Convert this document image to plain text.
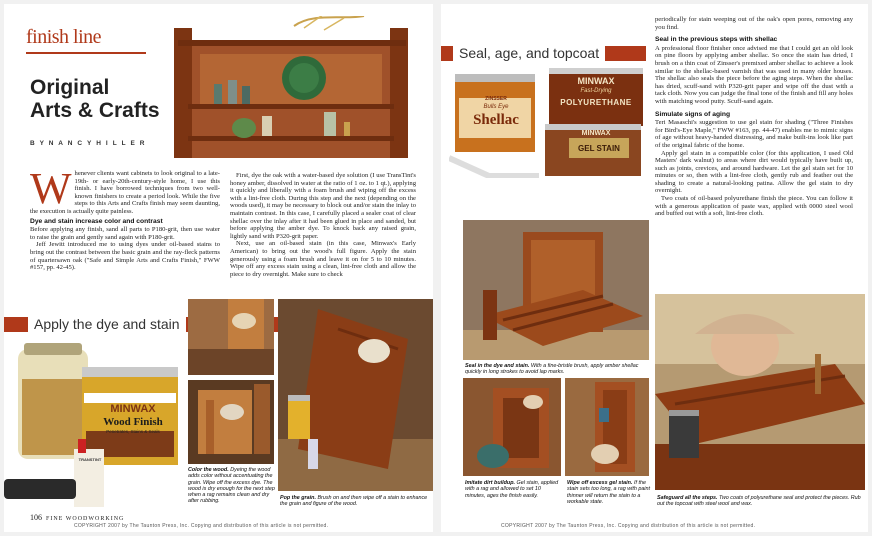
finish line
Original
Arts & Crafts
B Y N A N C Y H I L L E R
W henever clients want cabinets to look original to a late-19th- or early-20th-century-style home, I use this finish. I have borrowed techniques from two well-known finishers to create a period look. While the five steps to this Arts and Crafts finish may seem daunting, the execution is actually quite painless.

Dye and stain increase color and contrast

Before applying any finish, sand all parts to P180-grit, then use water to raise the grain and gently sand again with P180-grit.

Jeff Jewitt introduced me to using dyes under oil-based stains to bring out the contrast between the basic grain and the ray-fleck patterns of quartersawn oak ("Safe and Simple Arts and Crafts Finish," FWW #157, pp. 42-45).

First, dye the oak with a water-based dye solution (I use TransTint's honey amber, dissolved in water at the ratio of 1 oz. to 1 qt.), applying it quickly and liberally with a foam brush and wiping off the excess with a lint-free cloth. During this step and the next (depending on the woods used), it may be necessary to block out and/or stain the inlay to maintain contrast. In this case, I carefully placed a sealer coat of clear shellac over the inlay after it had been glued in place and sanded, but before applying the amber dye. To knock back any raised grain, lightly sand with P320-grit paper.

Next, use an oil-based stain (in this case, Minwax's Early American) to bring out the wood's full figure. Apply the stain generously using a foam brush and leave it on for 5 to 10 minutes. Wipe off any excess stain using a clean, lint-free cloth and allow the piece to dry overnight. Make sure to check

Apply the dye and stain
MINWAX
Wood Finish
Penetrates, Stains & Seals
TRANSTINT
Color the wood. Dyeing the wood adds color without accentuating the grain. Wipe off the excess dye. The wood is dry enough for the next step when a rag remains clean and dry after rubbing.
Pop the grain. Brush on and then wipe off a stain to enhance the grain and figure of the wood.
106 FINE WOODWORKING
COPYRIGHT 2007 by The Taunton Press, Inc. Copying and distribution of this article is not permitted.
Seal, age, and topcoat
ZINSSER
Bulls Eye
Shellac
MINWAX
Fast-Drying
POLYURETHANE
MINWAX
GEL STAIN

periodically for stain weeping out of the oak's open pores, removing any you find.

Seal in the previous steps with shellac

A professional floor finisher once advised me that I could get an old look on pine floors by applying amber shellac. So once the stain has dried, I brush on a thin coat of Zinsser's premixed amber shellac to achieve a look similar to the shellac-based varnish that was used in many older houses. The shellac also seals the piece before the aging steps. When the shellac has dried, scuff-sand with P320-grit paper and wipe off the dust with a tack cloth. Now you can judge the final tone of the finish and fill any holes with matching wood putty. Scuff-sand again.

Simulate signs of aging

Teri Masaschi's suggestion to use gel stain for shading ("Three Finishes for Bird's-Eye Maple," FWW #163, pp. 44-47) enables me to mimic signs of age without heavy-handed distressing, and make built-ins look like part of the original fabric of the home.

Apply gel stain in a compatible color (for this application, I used Old Masters' dark walnut) to areas where dirt would typically have built up, such as joints, crevices, and around hardware. Let the gel stain set for 10 minutes or so, then with a lint-free cloth, gently rub and feather out the shading to create a natural-looking patina. Allow the gel stain to dry overnight.

Two coats of oil-based polyurethane finish the piece. You can follow it with a generous application of paste wax, applied with 0000 steel wool and buffed out with a soft, lint-free cloth.

Seal in the dye and stain. With a fine-bristle brush, apply amber shellac quickly in long strokes to avoid lap marks.
Imitate dirt buildup. Gel stain, applied with a rag and allowed to set 10 minutes, ages the finish easily.
Wipe off excess gel stain. If the stain sets too long, a rag with paint thinner will return the stain to a workable state.
Safeguard all the steps. Two coats of polyurethane seal and protect the pieces. Rub out the topcoat with steel wool and wax.
COPYRIGHT 2007 by The Taunton Press, Inc. Copying and distribution of this article is not permitted.
